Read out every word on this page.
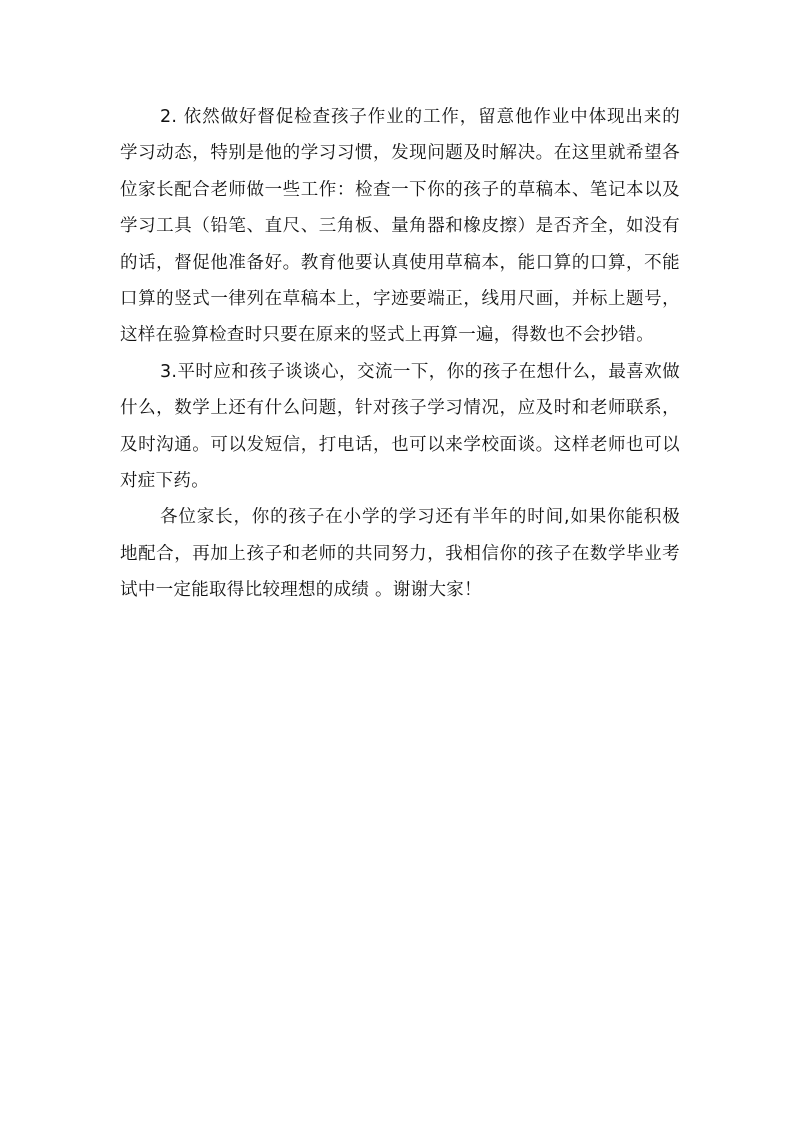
2. 依然做好督促检查孩子作业的工作，留意他作业中体现出来的学习动态，特别是他的学习习惯，发现问题及时解决。在这里就希望各位家长配合老师做一些工作：检查一下你的孩子的草稿本、笔记本以及学习工具（铅笔、直尺、三角板、量角器和橡皮擦）是否齐全，如没有的话，督促他准备好。教育他要认真使用草稿本，能口算的口算，不能口算的竖式一律列在草稿本上，字迹要端正，线用尺画，并标上题号，这样在验算检查时只要在原来的竖式上再算一遍，得数也不会抄错。

3.平时应和孩子谈谈心，交流一下，你的孩子在想什么，最喜欢做什么，数学上还有什么问题，针对孩子学习情况，应及时和老师联系，及时沟通。可以发短信，打电话，也可以来学校面谈。这样老师也可以对症下药。

各位家长，你的孩子在小学的学习还有半年的时间,如果你能积极地配合，再加上孩子和老师的共同努力，我相信你的孩子在数学毕业考试中一定能取得比较理想的成绩 。谢谢大家！
